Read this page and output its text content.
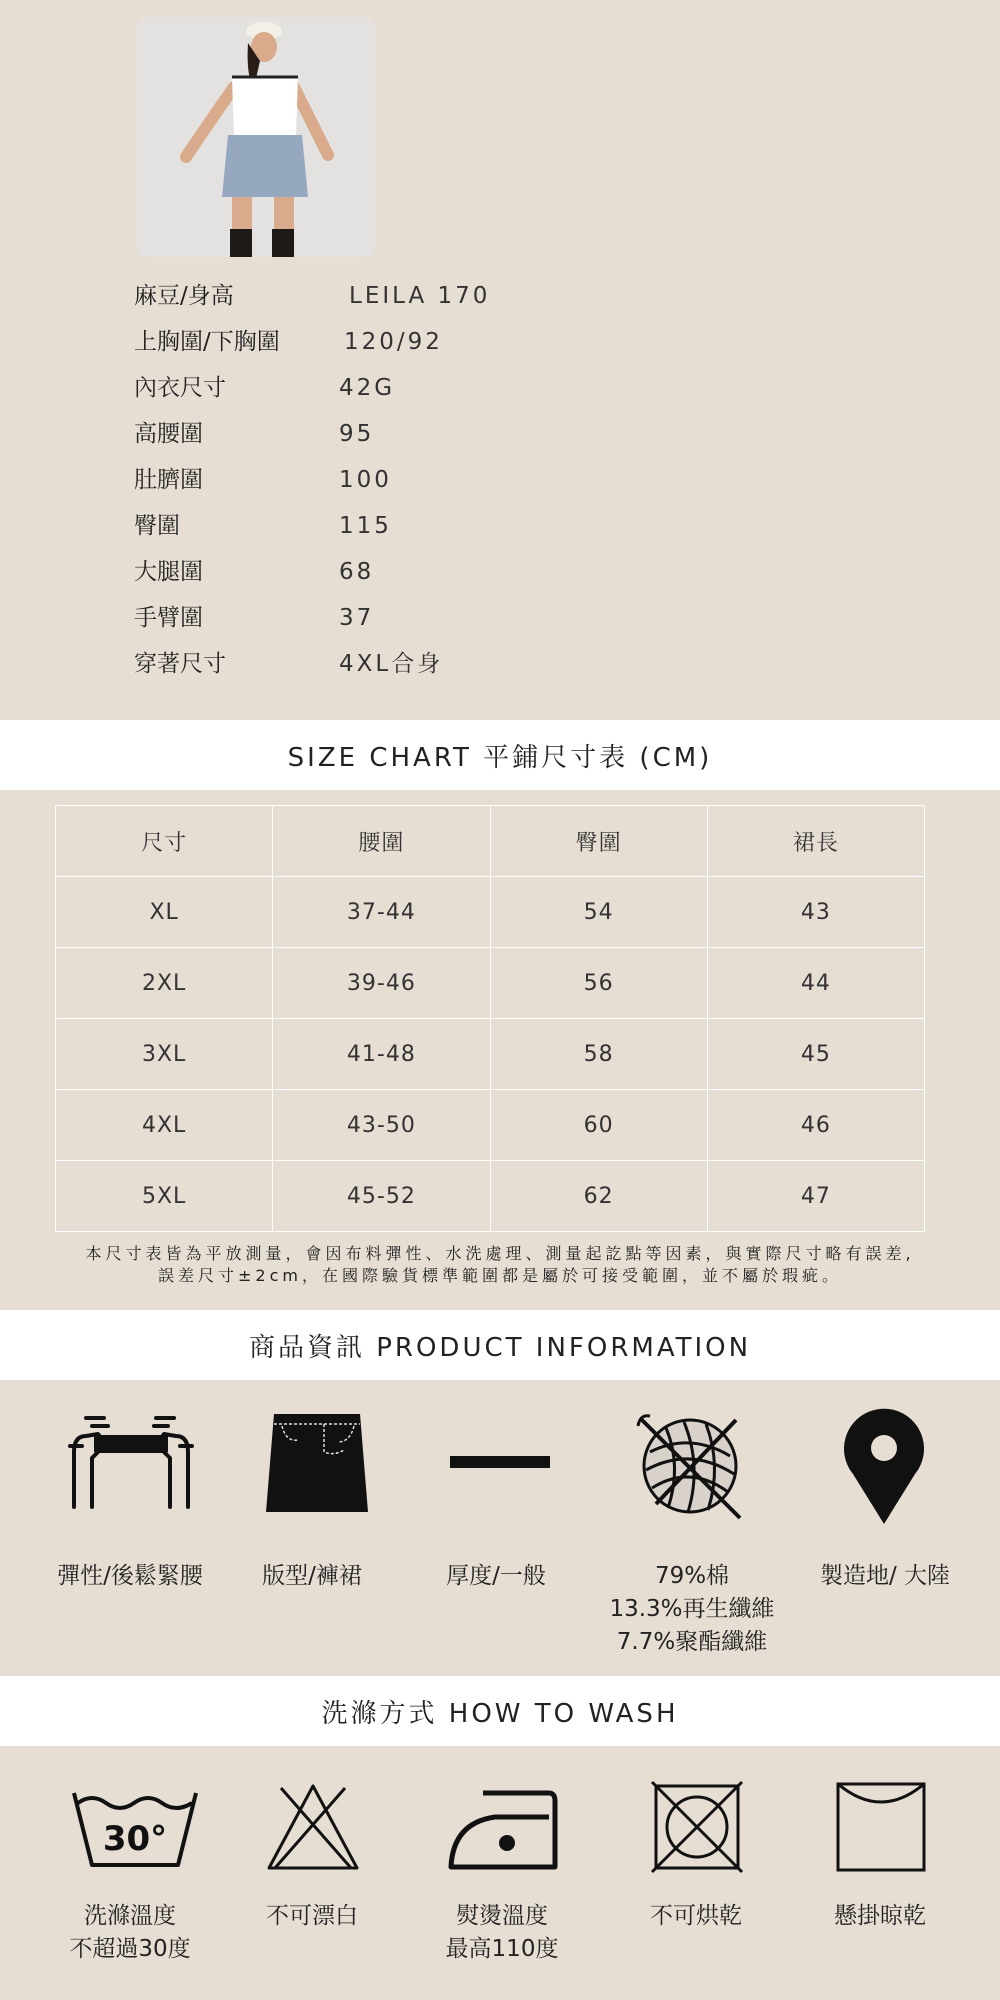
麻豆/身高	LEILA 170
上胸圍/下胸圍	120/92
內衣尺寸	42G
高腰圍	95
肚臍圍	100
臀圍	115
大腿圍	68
手臂圍	37
穿著尺寸	4XL合身
SIZE CHART 平鋪尺寸表 (CM)
尺寸	腰圍	臀圍	裙長
XL	37-44	54	43
2XL	39-46	56	44
3XL	41-48	58	45
4XL	43-50	60	46
5XL	45-52	62	47
本尺寸表皆為平放測量，會因布料彈性、水洗處理、測量起訖點等因素，與實際尺寸略有誤差,
誤差尺寸±2cm，在國際驗貨標準範圍都是屬於可接受範圍，並不屬於瑕疵。
商品資訊 PRODUCT INFORMATION
彈性/後鬆緊腰	版型/褲裙	厚度/一般	79%棉
13.3%再生纖維
7.7%聚酯纖維
製造地/ 大陸
洗滌方式 HOW TO WASH
30°
洗滌溫度
不超過30度
不可漂白	熨燙溫度
最高110度
不可烘乾	懸掛晾乾
